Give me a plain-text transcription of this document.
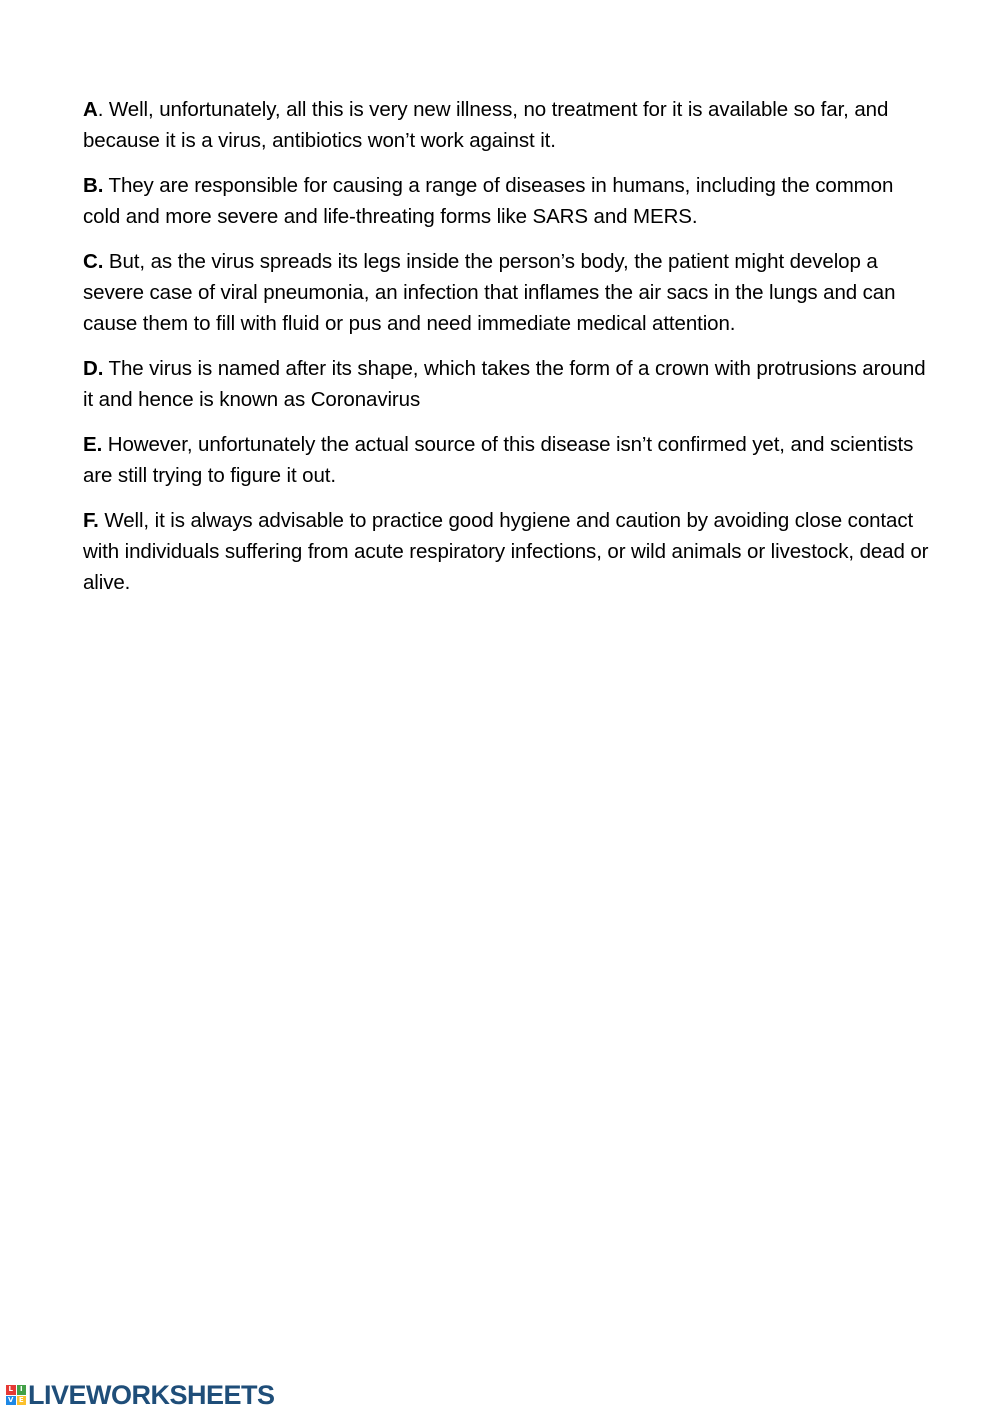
A. Well, unfortunately, all this is very new illness, no treatment for it is available so far, and because it is a virus, antibiotics won’t work against it.

B. They are responsible for causing a range of diseases in humans, including the common cold and more severe and life-threating forms like SARS and MERS.

C. But, as the virus spreads its legs inside the person’s body, the patient might develop a severe case of viral pneumonia, an infection that inflames the air sacs in the lungs and can cause them to fill with fluid or pus and need immediate medical attention.

D. The virus is named after its shape, which takes the form of a crown with protrusions around it and hence is known as Coronavirus

E. However, unfortunately the actual source of this disease isn’t confirmed yet, and scientists are still trying to figure it out.

F. Well, it is always advisable to practice good hygiene and caution by avoiding close contact with individuals suffering from acute respiratory infections, or wild animals or livestock, dead or alive.

L I
V E LIVEWORKSHEETS
